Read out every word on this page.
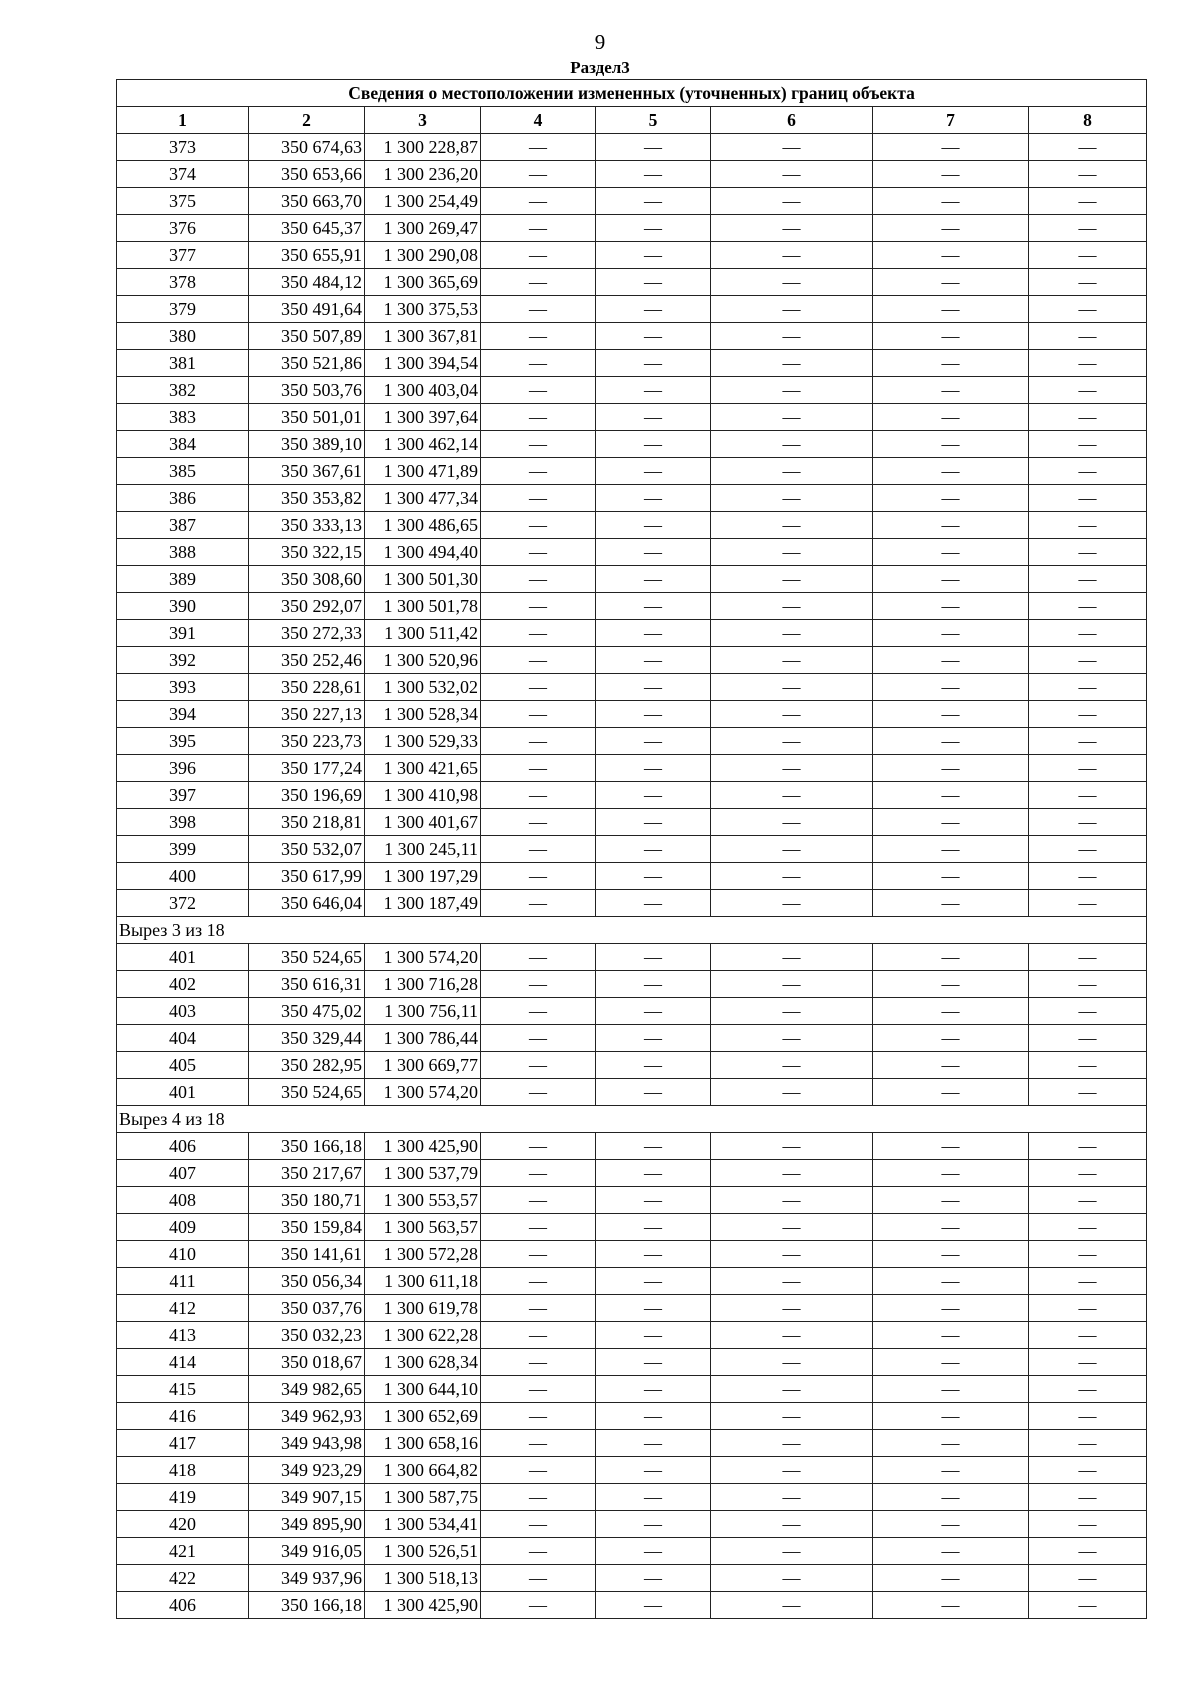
9
Раздел3
Сведения о местоположении измененных (уточненных) границ объекта							
1	2	3	4	5	6	7	8
373	350 674,63	1 300 228,87	—	—	—	—	—
374	350 653,66	1 300 236,20	—	—	—	—	—
375	350 663,70	1 300 254,49	—	—	—	—	—
376	350 645,37	1 300 269,47	—	—	—	—	—
377	350 655,91	1 300 290,08	—	—	—	—	—
378	350 484,12	1 300 365,69	—	—	—	—	—
379	350 491,64	1 300 375,53	—	—	—	—	—
380	350 507,89	1 300 367,81	—	—	—	—	—
381	350 521,86	1 300 394,54	—	—	—	—	—
382	350 503,76	1 300 403,04	—	—	—	—	—
383	350 501,01	1 300 397,64	—	—	—	—	—
384	350 389,10	1 300 462,14	—	—	—	—	—
385	350 367,61	1 300 471,89	—	—	—	—	—
386	350 353,82	1 300 477,34	—	—	—	—	—
387	350 333,13	1 300 486,65	—	—	—	—	—
388	350 322,15	1 300 494,40	—	—	—	—	—
389	350 308,60	1 300 501,30	—	—	—	—	—
390	350 292,07	1 300 501,78	—	—	—	—	—
391	350 272,33	1 300 511,42	—	—	—	—	—
392	350 252,46	1 300 520,96	—	—	—	—	—
393	350 228,61	1 300 532,02	—	—	—	—	—
394	350 227,13	1 300 528,34	—	—	—	—	—
395	350 223,73	1 300 529,33	—	—	—	—	—
396	350 177,24	1 300 421,65	—	—	—	—	—
397	350 196,69	1 300 410,98	—	—	—	—	—
398	350 218,81	1 300 401,67	—	—	—	—	—
399	350 532,07	1 300 245,11	—	—	—	—	—
400	350 617,99	1 300 197,29	—	—	—	—	—
372	350 646,04	1 300 187,49	—	—	—	—	—
Вырез 3 из 18							
401	350 524,65	1 300 574,20	—	—	—	—	—
402	350 616,31	1 300 716,28	—	—	—	—	—
403	350 475,02	1 300 756,11	—	—	—	—	—
404	350 329,44	1 300 786,44	—	—	—	—	—
405	350 282,95	1 300 669,77	—	—	—	—	—
401	350 524,65	1 300 574,20	—	—	—	—	—
Вырез 4 из 18							
406	350 166,18	1 300 425,90	—	—	—	—	—
407	350 217,67	1 300 537,79	—	—	—	—	—
408	350 180,71	1 300 553,57	—	—	—	—	—
409	350 159,84	1 300 563,57	—	—	—	—	—
410	350 141,61	1 300 572,28	—	—	—	—	—
411	350 056,34	1 300 611,18	—	—	—	—	—
412	350 037,76	1 300 619,78	—	—	—	—	—
413	350 032,23	1 300 622,28	—	—	—	—	—
414	350 018,67	1 300 628,34	—	—	—	—	—
415	349 982,65	1 300 644,10	—	—	—	—	—
416	349 962,93	1 300 652,69	—	—	—	—	—
417	349 943,98	1 300 658,16	—	—	—	—	—
418	349 923,29	1 300 664,82	—	—	—	—	—
419	349 907,15	1 300 587,75	—	—	—	—	—
420	349 895,90	1 300 534,41	—	—	—	—	—
421	349 916,05	1 300 526,51	—	—	—	—	—
422	349 937,96	1 300 518,13	—	—	—	—	—
406	350 166,18	1 300 425,90	—	—	—	—	—
